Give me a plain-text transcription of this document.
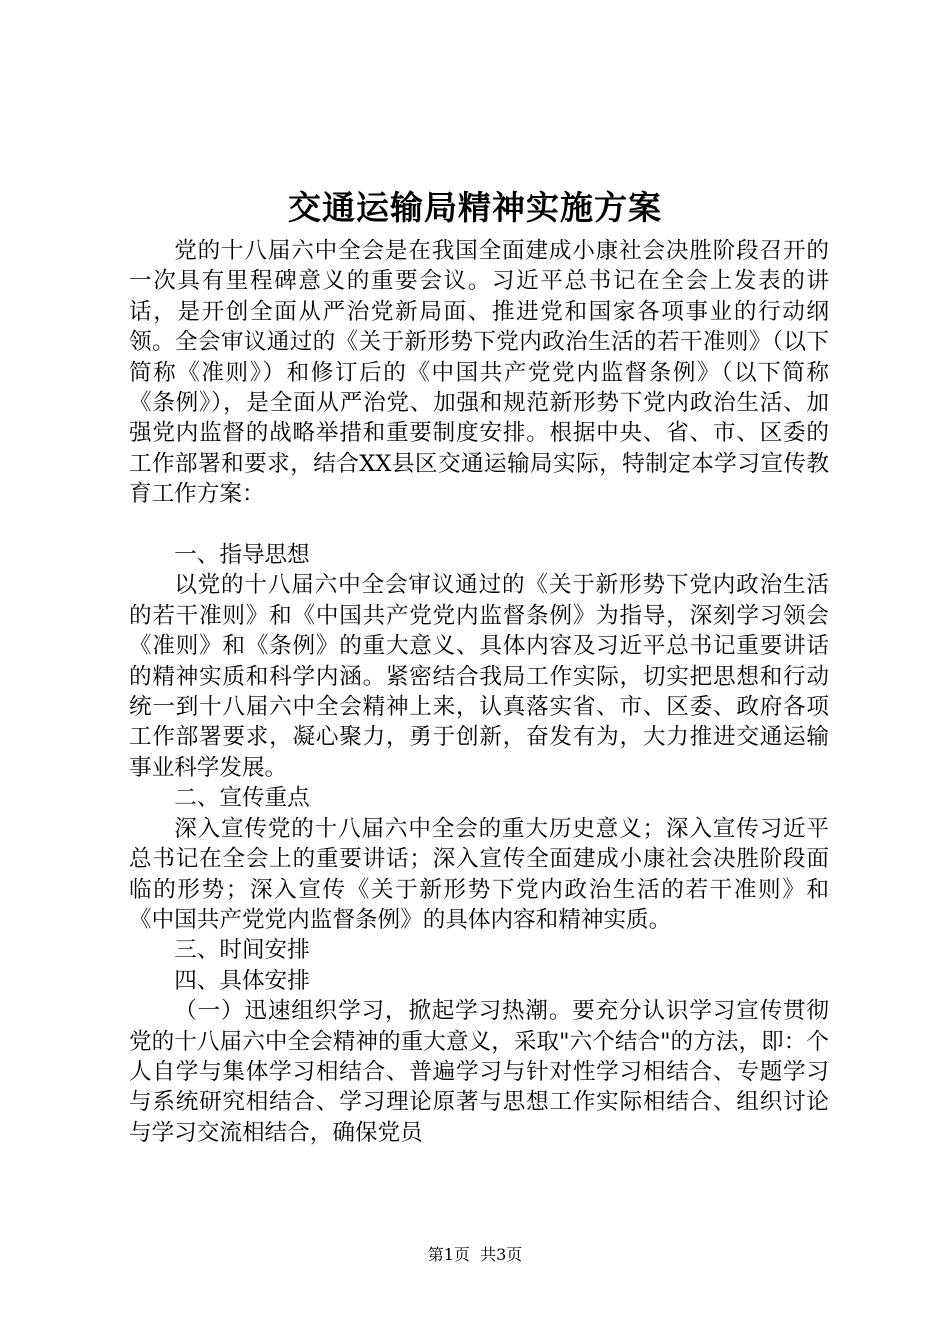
交通运输局精神实施方案

党的十八届六中全会是在我国全面建成小康社会决胜阶段召开的一次具有里程碑意义的重要会议。习近平总书记在全会上发表的讲话，是开创全面从严治党新局面、推进党和国家各项事业的行动纲领。全会审议通过的《关于新形势下党内政治生活的若干准则》（以下简称《准则》）和修订后的《中国共产党党内监督条例》（以下简称《条例》），是全面从严治党、加强和规范新形势下党内政治生活、加强党内监督的战略举措和重要制度安排。根据中央、省、市、区委的工作部署和要求，结合XX县区交通运输局实际，特制定本学习宣传教育工作方案：

一、指导思想

以党的十八届六中全会审议通过的《关于新形势下党内政治生活的若干准则》和《中国共产党党内监督条例》为指导，深刻学习领会《准则》和《条例》的重大意义、具体内容及习近平总书记重要讲话的精神实质和科学内涵。紧密结合我局工作实际，切实把思想和行动统一到十八届六中全会精神上来，认真落实省、市、区委、政府各项工作部署要求，凝心聚力，勇于创新，奋发有为，大力推进交通运输事业科学发展。

二、宣传重点

深入宣传党的十八届六中全会的重大历史意义；深入宣传习近平总书记在全会上的重要讲话；深入宣传全面建成小康社会决胜阶段面临的形势；深入宣传《关于新形势下党内政治生活的若干准则》和《中国共产党党内监督条例》的具体内容和精神实质。

三、时间安排

四、具体安排

（一）迅速组织学习，掀起学习热潮。要充分认识学习宣传贯彻党的十八届六中全会精神的重大意义，采取"六个结合"的方法，即：个人自学与集体学习相结合、普遍学习与针对性学习相结合、专题学习与系统研究相结合、学习理论原著与思想工作实际相结合、组织讨论与学习交流相结合，确保党员

第1页 共3页
